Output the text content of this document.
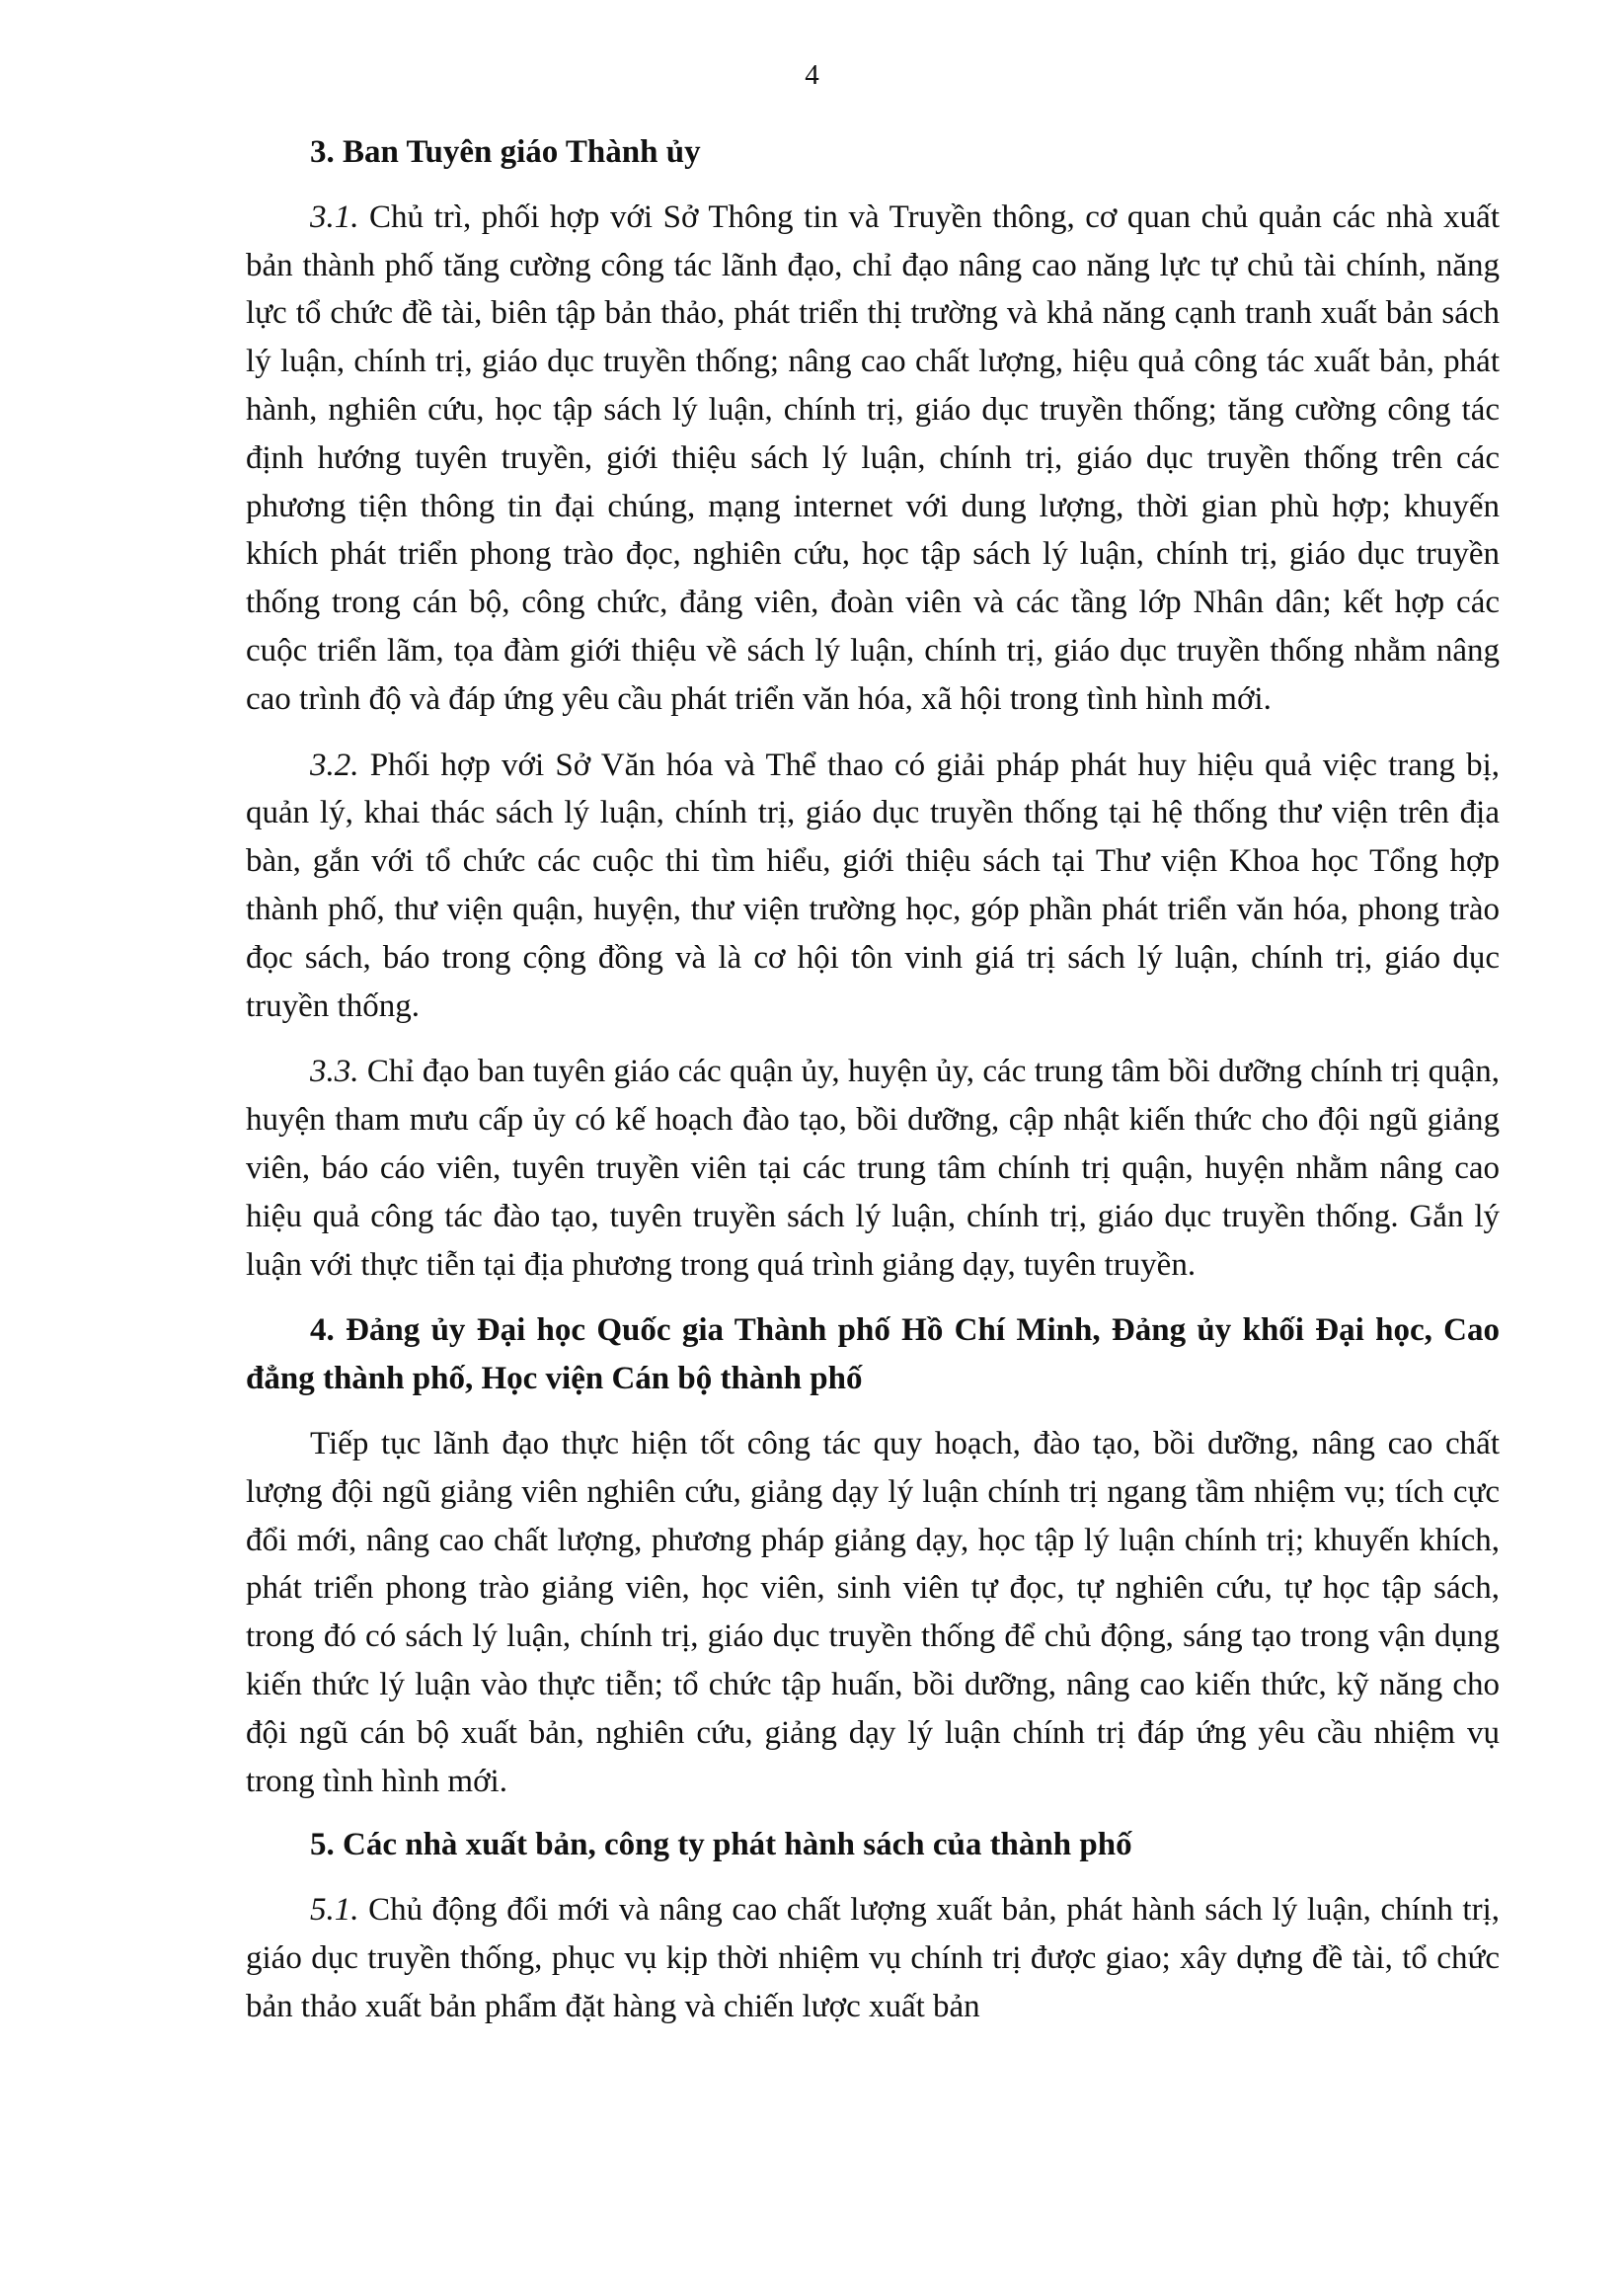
4
3. Ban Tuyên giáo Thành ủy

3.1. Chủ trì, phối hợp với Sở Thông tin và Truyền thông, cơ quan chủ quản các nhà xuất bản thành phố tăng cường công tác lãnh đạo, chỉ đạo nâng cao năng lực tự chủ tài chính, năng lực tổ chức đề tài, biên tập bản thảo, phát triển thị trường và khả năng cạnh tranh xuất bản sách lý luận, chính trị, giáo dục truyền thống; nâng cao chất lượng, hiệu quả công tác xuất bản, phát hành, nghiên cứu, học tập sách lý luận, chính trị, giáo dục truyền thống; tăng cường công tác định hướng tuyên truyền, giới thiệu sách lý luận, chính trị, giáo dục truyền thống trên các phương tiện thông tin đại chúng, mạng internet với dung lượng, thời gian phù hợp; khuyến khích phát triển phong trào đọc, nghiên cứu, học tập sách lý luận, chính trị, giáo dục truyền thống trong cán bộ, công chức, đảng viên, đoàn viên và các tầng lớp Nhân dân; kết hợp các cuộc triển lãm, tọa đàm giới thiệu về sách lý luận, chính trị, giáo dục truyền thống nhằm nâng cao trình độ và đáp ứng yêu cầu phát triển văn hóa, xã hội trong tình hình mới.

3.2. Phối hợp với Sở Văn hóa và Thể thao có giải pháp phát huy hiệu quả việc trang bị, quản lý, khai thác sách lý luận, chính trị, giáo dục truyền thống tại hệ thống thư viện trên địa bàn, gắn với tổ chức các cuộc thi tìm hiểu, giới thiệu sách tại Thư viện Khoa học Tổng hợp thành phố, thư viện quận, huyện, thư viện trường học, góp phần phát triển văn hóa, phong trào đọc sách, báo trong cộng đồng và là cơ hội tôn vinh giá trị sách lý luận, chính trị, giáo dục truyền thống.

3.3. Chỉ đạo ban tuyên giáo các quận ủy, huyện ủy, các trung tâm bồi dưỡng chính trị quận, huyện tham mưu cấp ủy có kế hoạch đào tạo, bồi dưỡng, cập nhật kiến thức cho đội ngũ giảng viên, báo cáo viên, tuyên truyền viên tại các trung tâm chính trị quận, huyện nhằm nâng cao hiệu quả công tác đào tạo, tuyên truyền sách lý luận, chính trị, giáo dục truyền thống. Gắn lý luận với thực tiễn tại địa phương trong quá trình giảng dạy, tuyên truyền.

4. Đảng ủy Đại học Quốc gia Thành phố Hồ Chí Minh, Đảng ủy khối Đại học, Cao đẳng thành phố, Học viện Cán bộ thành phố

Tiếp tục lãnh đạo thực hiện tốt công tác quy hoạch, đào tạo, bồi dưỡng, nâng cao chất lượng đội ngũ giảng viên nghiên cứu, giảng dạy lý luận chính trị ngang tầm nhiệm vụ; tích cực đổi mới, nâng cao chất lượng, phương pháp giảng dạy, học tập lý luận chính trị; khuyến khích, phát triển phong trào giảng viên, học viên, sinh viên tự đọc, tự nghiên cứu, tự học tập sách, trong đó có sách lý luận, chính trị, giáo dục truyền thống để chủ động, sáng tạo trong vận dụng kiến thức lý luận vào thực tiễn; tổ chức tập huấn, bồi dưỡng, nâng cao kiến thức, kỹ năng cho đội ngũ cán bộ xuất bản, nghiên cứu, giảng dạy lý luận chính trị đáp ứng yêu cầu nhiệm vụ trong tình hình mới.

5. Các nhà xuất bản, công ty phát hành sách của thành phố

5.1. Chủ động đổi mới và nâng cao chất lượng xuất bản, phát hành sách lý luận, chính trị, giáo dục truyền thống, phục vụ kịp thời nhiệm vụ chính trị được giao; xây dựng đề tài, tổ chức bản thảo xuất bản phẩm đặt hàng và chiến lược xuất bản
